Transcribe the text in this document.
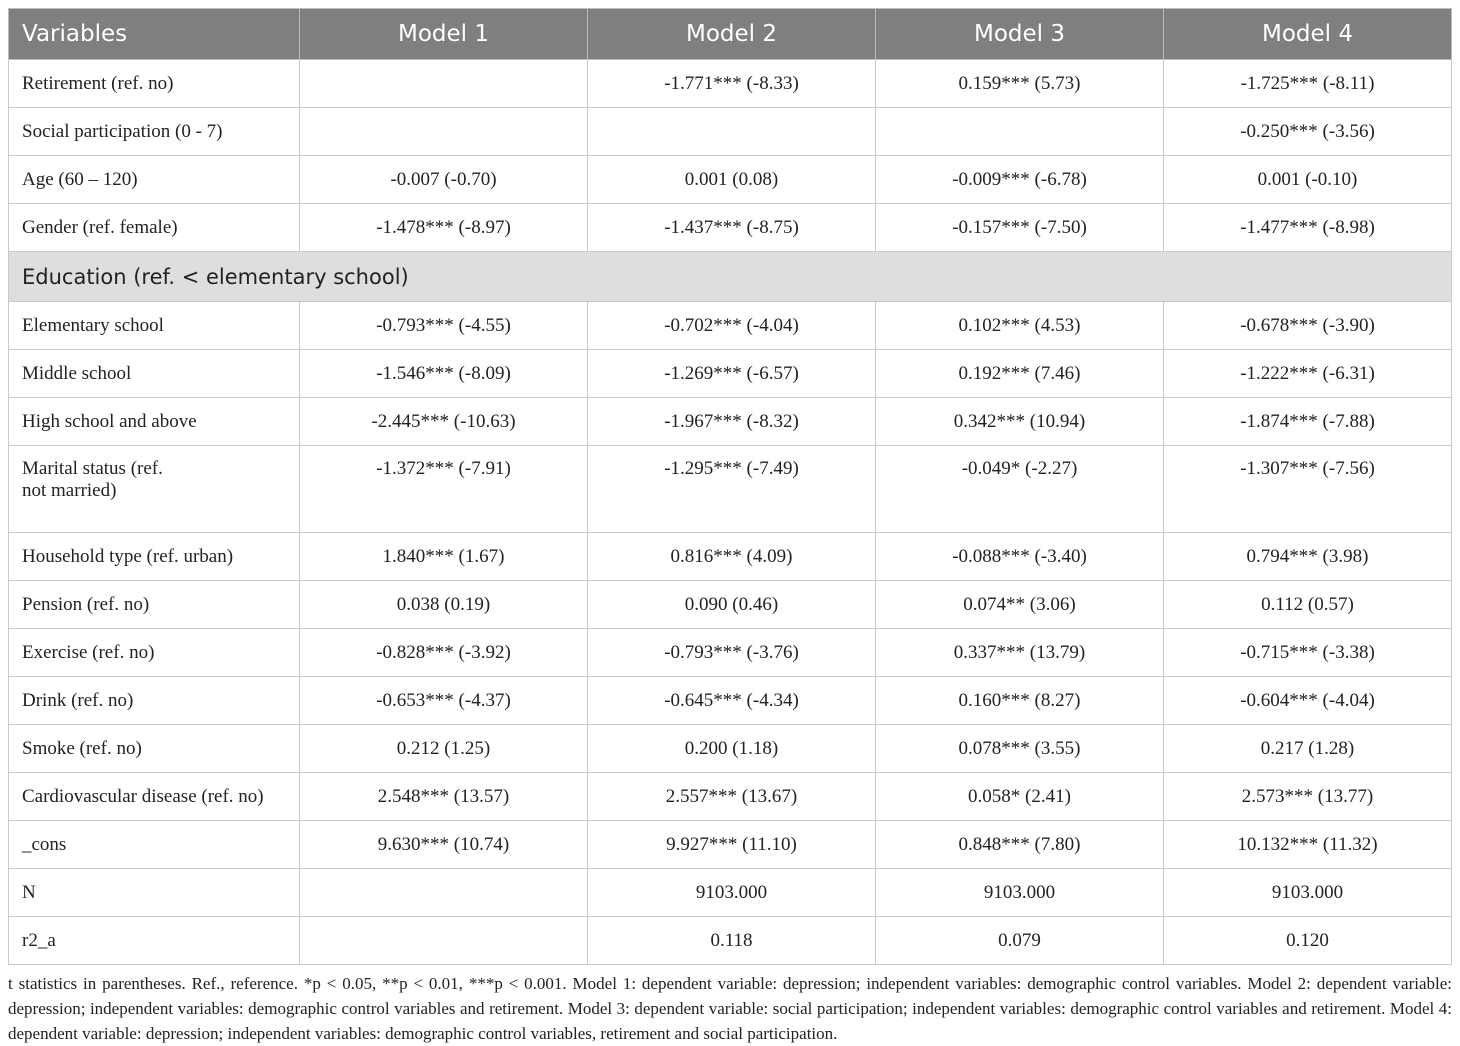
Variables	Model 1	Model 2	Model 3	Model 4
Retirement (ref. no)		-1.771*** (-8.33)	0.159*** (5.73)	-1.725*** (-8.11)
Social participation (0 - 7)				-0.250*** (-3.56)
Age (60 – 120)	-0.007 (-0.70)	0.001 (0.08)	-0.009*** (-6.78)	0.001 (-0.10)
Gender (ref. female)	-1.478*** (-8.97)	-1.437*** (-8.75)	-0.157*** (-7.50)	-1.477*** (-8.98)
Education (ref. < elementary school)				
Elementary school	-0.793*** (-4.55)	-0.702*** (-4.04)	0.102*** (4.53)	-0.678*** (-3.90)
Middle school	-1.546*** (-8.09)	-1.269*** (-6.57)	0.192*** (7.46)	-1.222*** (-6.31)
High school and above	-2.445*** (-10.63)	-1.967*** (-8.32)	0.342*** (10.94)	-1.874*** (-7.88)
Marital status (ref.
not married)	-1.372*** (-7.91)	-1.295*** (-7.49)	-0.049* (-2.27)	-1.307*** (-7.56)
Household type (ref. urban)	1.840*** (1.67)	0.816*** (4.09)	-0.088*** (-3.40)	0.794*** (3.98)
Pension (ref. no)	0.038 (0.19)	0.090 (0.46)	0.074** (3.06)	0.112 (0.57)
Exercise (ref. no)	-0.828*** (-3.92)	-0.793*** (-3.76)	0.337*** (13.79)	-0.715*** (-3.38)
Drink (ref. no)	-0.653*** (-4.37)	-0.645*** (-4.34)	0.160*** (8.27)	-0.604*** (-4.04)
Smoke (ref. no)	0.212 (1.25)	0.200 (1.18)	0.078*** (3.55)	0.217 (1.28)
Cardiovascular disease (ref. no)	2.548*** (13.57)	2.557*** (13.67)	0.058* (2.41)	2.573*** (13.77)
_cons	9.630*** (10.74)	9.927*** (11.10)	0.848*** (7.80)	10.132*** (11.32)
N		9103.000	9103.000	9103.000
r2_a		0.118	0.079	0.120
t statistics in parentheses. Ref., reference. *p < 0.05, **p < 0.01, ***p < 0.001. Model 1: dependent variable: depression; independent variables: demographic control variables. Model 2: dependent variable: depression; independent variables: demographic control variables and retirement. Model 3: dependent variable: social participation; independent variables: demographic control variables and retirement. Model 4: dependent variable: depression; independent variables: demographic control variables, retirement and social participation.
